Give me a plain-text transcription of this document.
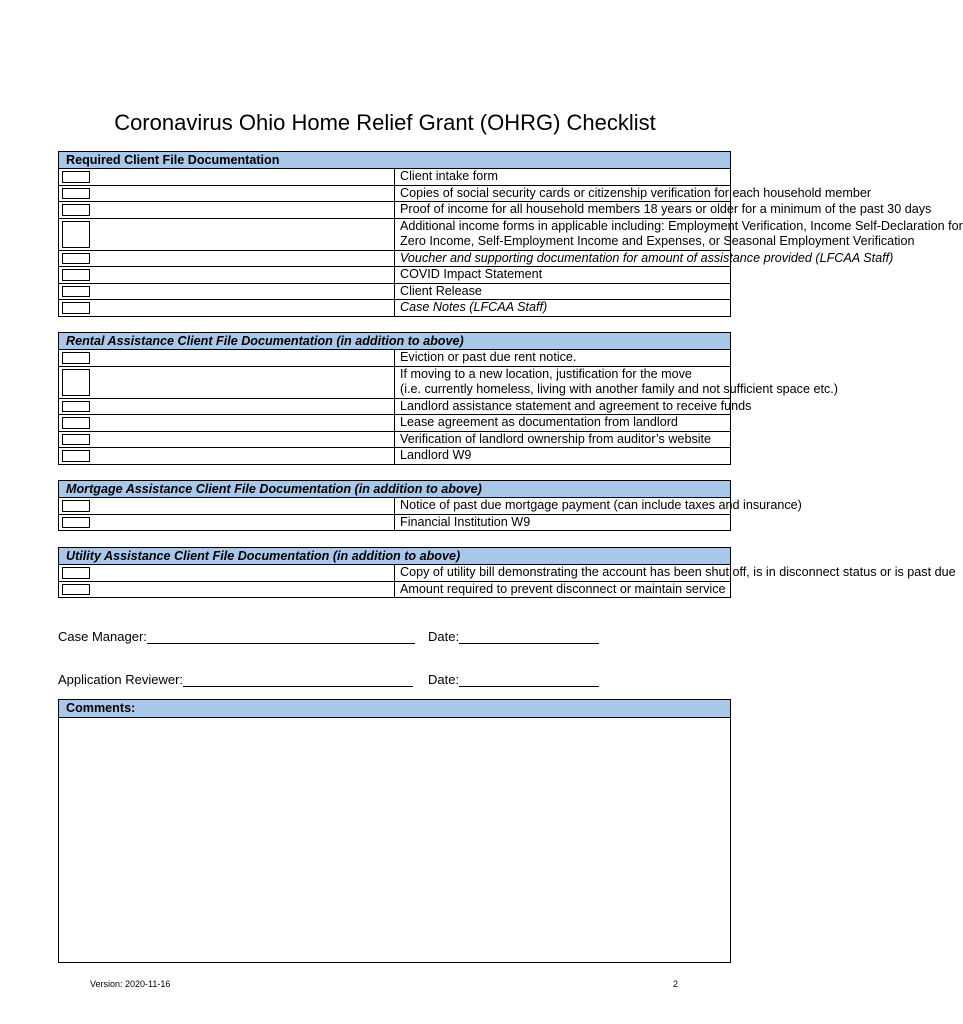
Coronavirus Ohio Home Relief Grant (OHRG) Checklist
Required Client File Documentation	

	Client intake form

	Copies of social security cards or citizenship verification for each household member

	Proof of income for all household members 18 years or older for a minimum of the past 30 days

	Additional income forms in applicable including: Employment Verification, Income Self-Declaration for
Zero Income, Self-Employment Income and Expenses, or Seasonal Employment Verification

	Voucher and supporting documentation for amount of assistance provided (LFCAA Staff)

	COVID Impact Statement

	Client Release

	Case Notes (LFCAA Staff)
Rental Assistance Client File Documentation (in addition to above)	

	Eviction or past due rent notice.

	If moving to a new location, justification for the move
(i.e. currently homeless, living with another family and not sufficient space etc.)

	Landlord assistance statement and agreement to receive funds

	Lease agreement as documentation from landlord

	Verification of landlord ownership from auditor’s website

	Landlord W9
Mortgage Assistance Client File Documentation (in addition to above)	

	Notice of past due mortgage payment (can include taxes and insurance)

	Financial Institution W9
Utility Assistance Client File Documentation (in addition to above)	

	Copy of utility bill demonstrating the account has been shut off, is in disconnect status or is past due

	Amount required to prevent disconnect or maintain service
Case Manager:	Date:
Application Reviewer:	Date:
Comments:
Version: 2020-11-16	2
